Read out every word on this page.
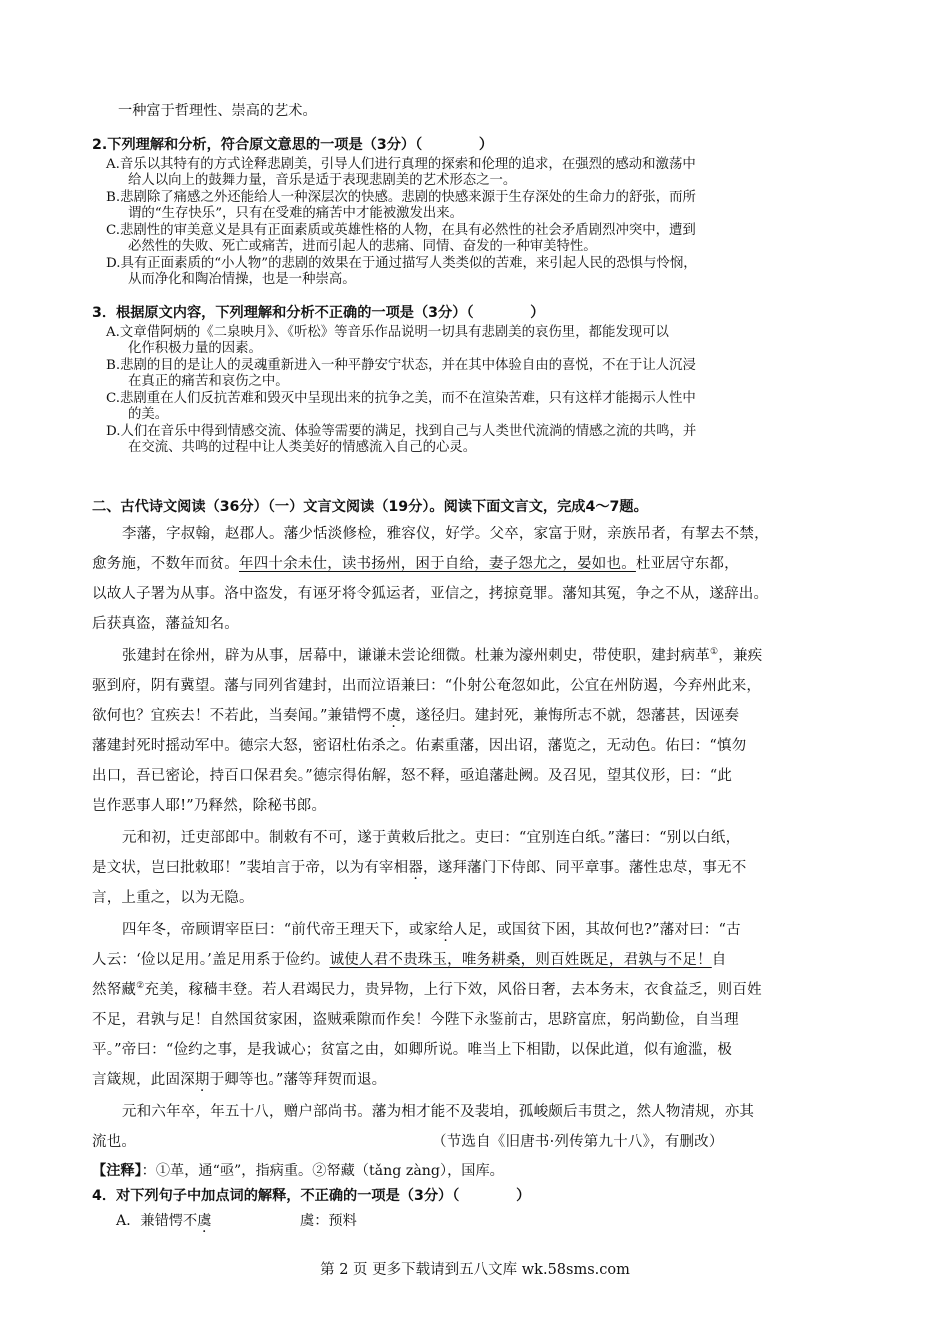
一种富于哲理性、崇高的艺术。
2.下列理解和分析，符合原文意思的一项是（3分）（　　　　）
A.音乐以其特有的方式诠释悲剧美，引导人们进行真理的探索和伦理的追求，在强烈的感动和激荡中
给人以向上的鼓舞力量，音乐是适于表现悲剧美的艺术形态之一。
B.悲剧除了痛感之外还能给人一种深层次的快感。悲剧的快感来源于生存深处的生命力的舒张，而所
谓的“生存快乐”，只有在受难的痛苦中才能被激发出来。
C.悲剧性的审美意义是具有正面素质或英雄性格的人物，在具有必然性的社会矛盾剧烈冲突中，遭到
必然性的失败、死亡或痛苦，进而引起人的悲痛、同情、奋发的一种审美特性。
D.具有正面素质的“小人物”的悲剧的效果在于通过描写人类类似的苦难，来引起人民的恐惧与怜悯，
从而净化和陶冶情操，也是一种崇高。
3．根据原文内容，下列理解和分析不正确的一项是（3分）（　　　　）
A.文章借阿炳的《二泉映月》、《听松》等音乐作品说明一切具有悲剧美的哀伤里，都能发现可以
化作积极力量的因素。
B.悲剧的目的是让人的灵魂重新进入一种平静安宁状态，并在其中体验自由的喜悦，不在于让人沉浸
在真正的痛苦和哀伤之中。
C.悲剧重在人们反抗苦难和毁灭中呈现出来的抗争之美，而不在渲染苦难，只有这样才能揭示人性中
的美。
D.人们在音乐中得到情感交流、体验等需要的满足，找到自己与人类世代流淌的情感之流的共鸣，并
在交流、共鸣的过程中让人类美好的情感流入自己的心灵。
二、古代诗文阅读（36分）（一）文言文阅读（19分）。阅读下面文言文，完成4～7题。
李藩，字叔翰，赵郡人。藩少恬淡修检，雅容仪，好学。父卒，家富于财，亲族吊者，有挈去不禁，
愈务施，不数年而贫。年四十余未仕，读书扬州，困于自给，妻子怨尤之，晏如也。杜亚居守东都，
以故人子署为从事。洛中盗发，有诬牙将令狐运者，亚信之，拷掠竟罪。藩知其冤，争之不从，遂辞出。
后获真盗，藩益知名。
张建封在徐州，辟为从事，居幕中，谦谦未尝论细微。杜兼为濠州刺史，带使职，建封病革①，兼疾
驱到府，阴有冀望。藩与同列省建封，出而泣语兼曰：“仆射公奄忽如此，公宜在州防遏，今弃州此来，
欲何也？宜疾去！不若此，当奏闻。”兼错愕不虞，遂径归。建封死，兼悔所志不就，怨藩甚，因诬奏
藩建封死时摇动军中。德宗大怒，密诏杜佑杀之。佑素重藩，因出诏，藩览之，无动色。佑曰：“慎勿
出口，吾已密论，持百口保君矣。”德宗得佑解，怒不释，亟追藩赴阙。及召见，望其仪形，曰：“此
岂作恶事人耶!”乃释然，除秘书郎。
元和初，迁吏部郎中。制敕有不可，遂于黄敕后批之。吏曰：“宜别连白纸。”藩曰：“别以白纸，
是文状，岂曰批敕耶！”裴垍言于帝，以为有宰相器，遂拜藩门下侍郎、同平章事。藩性忠荩，事无不
言，上重之，以为无隐。
四年冬，帝顾谓宰臣曰：“前代帝王理天下，或家给人足，或国贫下困，其故何也?”藩对曰：“古
人云：‘俭以足用。’盖足用系于俭约。诚使人君不贵珠玉，唯务耕桑，则百姓既足，君孰与不足！自
然帑藏②充美，稼穑丰登。若人君竭民力，贵异物，上行下效，风俗日奢，去本务末，衣食益乏，则百姓
不足，君孰与足！自然国贫家困，盗贼乘隙而作矣！今陛下永鉴前古，思跻富庶，躬尚勤俭，自当理
平。”帝曰：“俭约之事，是我诚心；贫富之由，如卿所说。唯当上下相勖，以保此道，似有逾滥，极
言箴规，此固深期于卿等也。”藩等拜贺而退。
元和六年卒，年五十八，赠户部尚书。藩为相才能不及裴垍，孤峻颇后韦贯之，然人物清规，亦其
流也。	（节选自《旧唐书·列传第九十八》，有删改）
【注释】：①革，通“亟”，指病重。②帑藏（tǎng zàng），国库。
4．对下列句子中加点词的解释，不正确的一项是（3分）（　　　　）
A．兼错愕不虞	虞：预料
第 2 页 更多下载请到五八文库 wk.58sms.com
